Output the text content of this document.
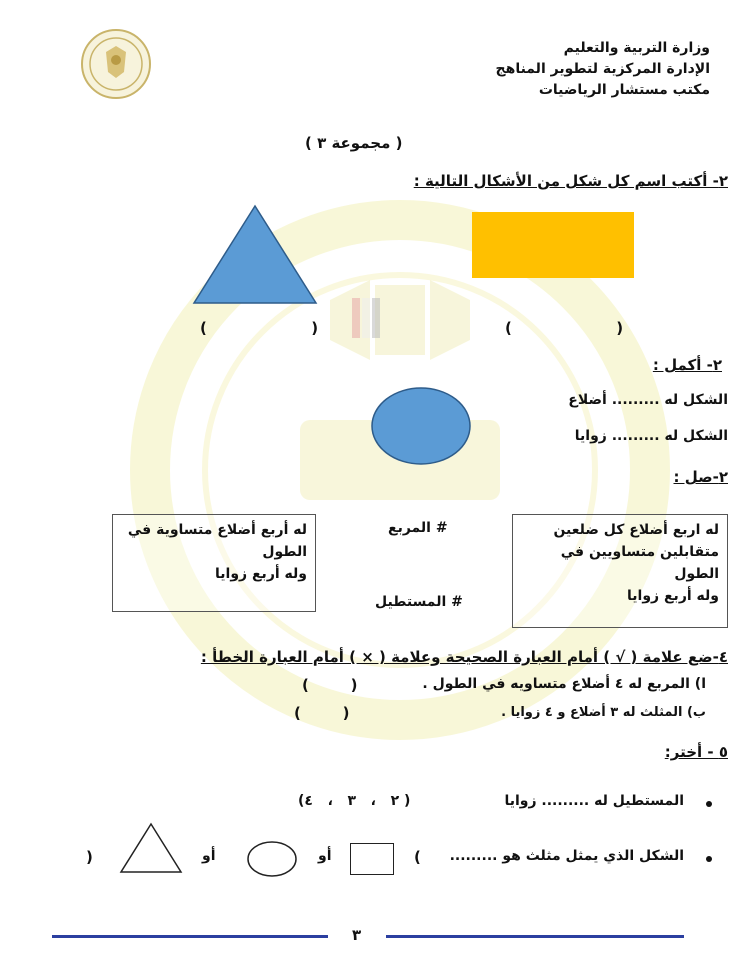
وزارة التربية والتعليم
الإدارة المركزية لتطوير المناهج
مكتب مستشار الرياضيات
( مجموعة ٣ )
٢- أكتب اسم كل شكل من الأشكال التالية :
(                    )	(                    )
٢- أكمل :
الشكل له ......... أضلاع
الشكل له ......... زوايا
٢-صل :
له أربع أضلاع متساوية في
الطول
وله أربع زوايا
# المربع
# المستطيل
له اربع أضلاع كل ضلعين
متقابلين متساويين في
الطول
وله أربع زوايا
٤-ضع علامة ( √ ) أمام العبارة الصحيحة وعلامة ( × ) أمام العبارة الخطأ :
ا) المربع له ٤ أضلاع متساويه في الطول .
(        )
ب) المثلث له ٣ أضلاع و ٤ زوايا .
(        )
٥ - أختر:
المستطيل له ......... زوايا
( ٢   ،   ٣   ،   ٤)
الشكل الذي يمثل مثلث هو .........
(
أو
أو
)
٣
